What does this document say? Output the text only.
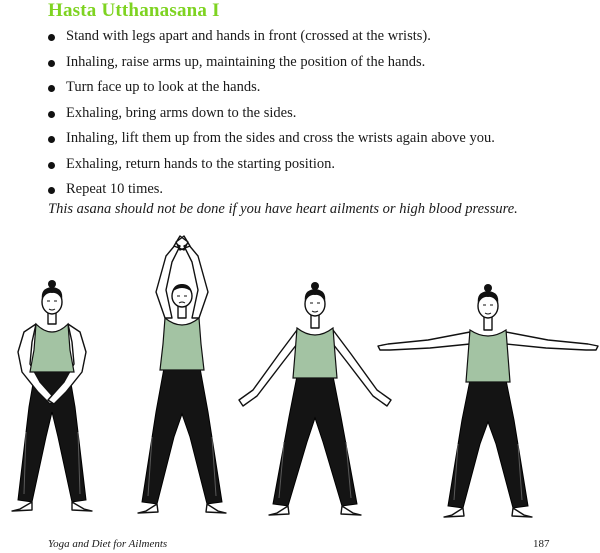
Hasta Utthanasana I
Stand with legs apart and hands in front (crossed at the wrists).
Inhaling, raise arms up, maintaining the position of the hands.
Turn face up to look at the hands.
Exhaling, bring arms down to the sides.
Inhaling, lift them up from the sides and cross the wrists again above you.
Exhaling, return hands to the starting position.
Repeat 10 times.
This asana should not be done if you have heart ailments or high blood pressure.
Yoga and Diet for Ailments	187
